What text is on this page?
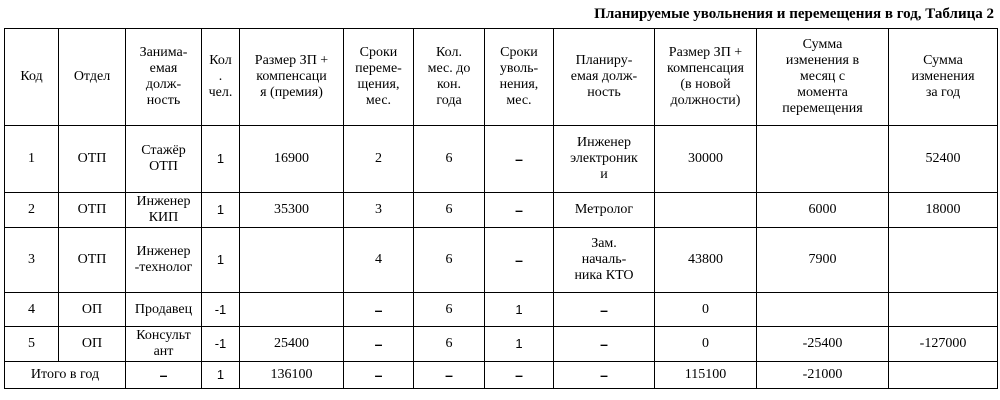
Планируемые увольнения и перемещения в год, Таблица 2
Код	Отдел	Занима-
емая
долж-
ность	Кол
.
чел.	Размер ЗП +
компенсаци
я (премия)	Сроки
переме-
щения,
мес.	Кол.
мес. до
кон.
года	Сроки
уволь-
нения,
мес.	Планиру-
емая долж-
ность	Размер ЗП +
компенсация
(в новой
должности)	Сумма
изменения в
месяц с
момента
перемещения	Сумма
изменения
за год
1	ОТП	Стажёр
ОТП	1	16900	2	6	–	Инженер
электроник
и	30000		52400
2	ОТП	Инженер
КИП	1	35300	3	6	–	Метролог		6000	18000
3	ОТП	Инженер
-технолог	1		4	6	–	Зам.
началь-
ника КТО	43800	7900	
4	ОП	Продавец	-1		–	6	1	–	0		
5	ОП	Консульт
ант	-1	25400	–	6	1	–	0	-25400	-127000
Итого в год		–	1	136100	–	–	–	–	115100	-21000	
